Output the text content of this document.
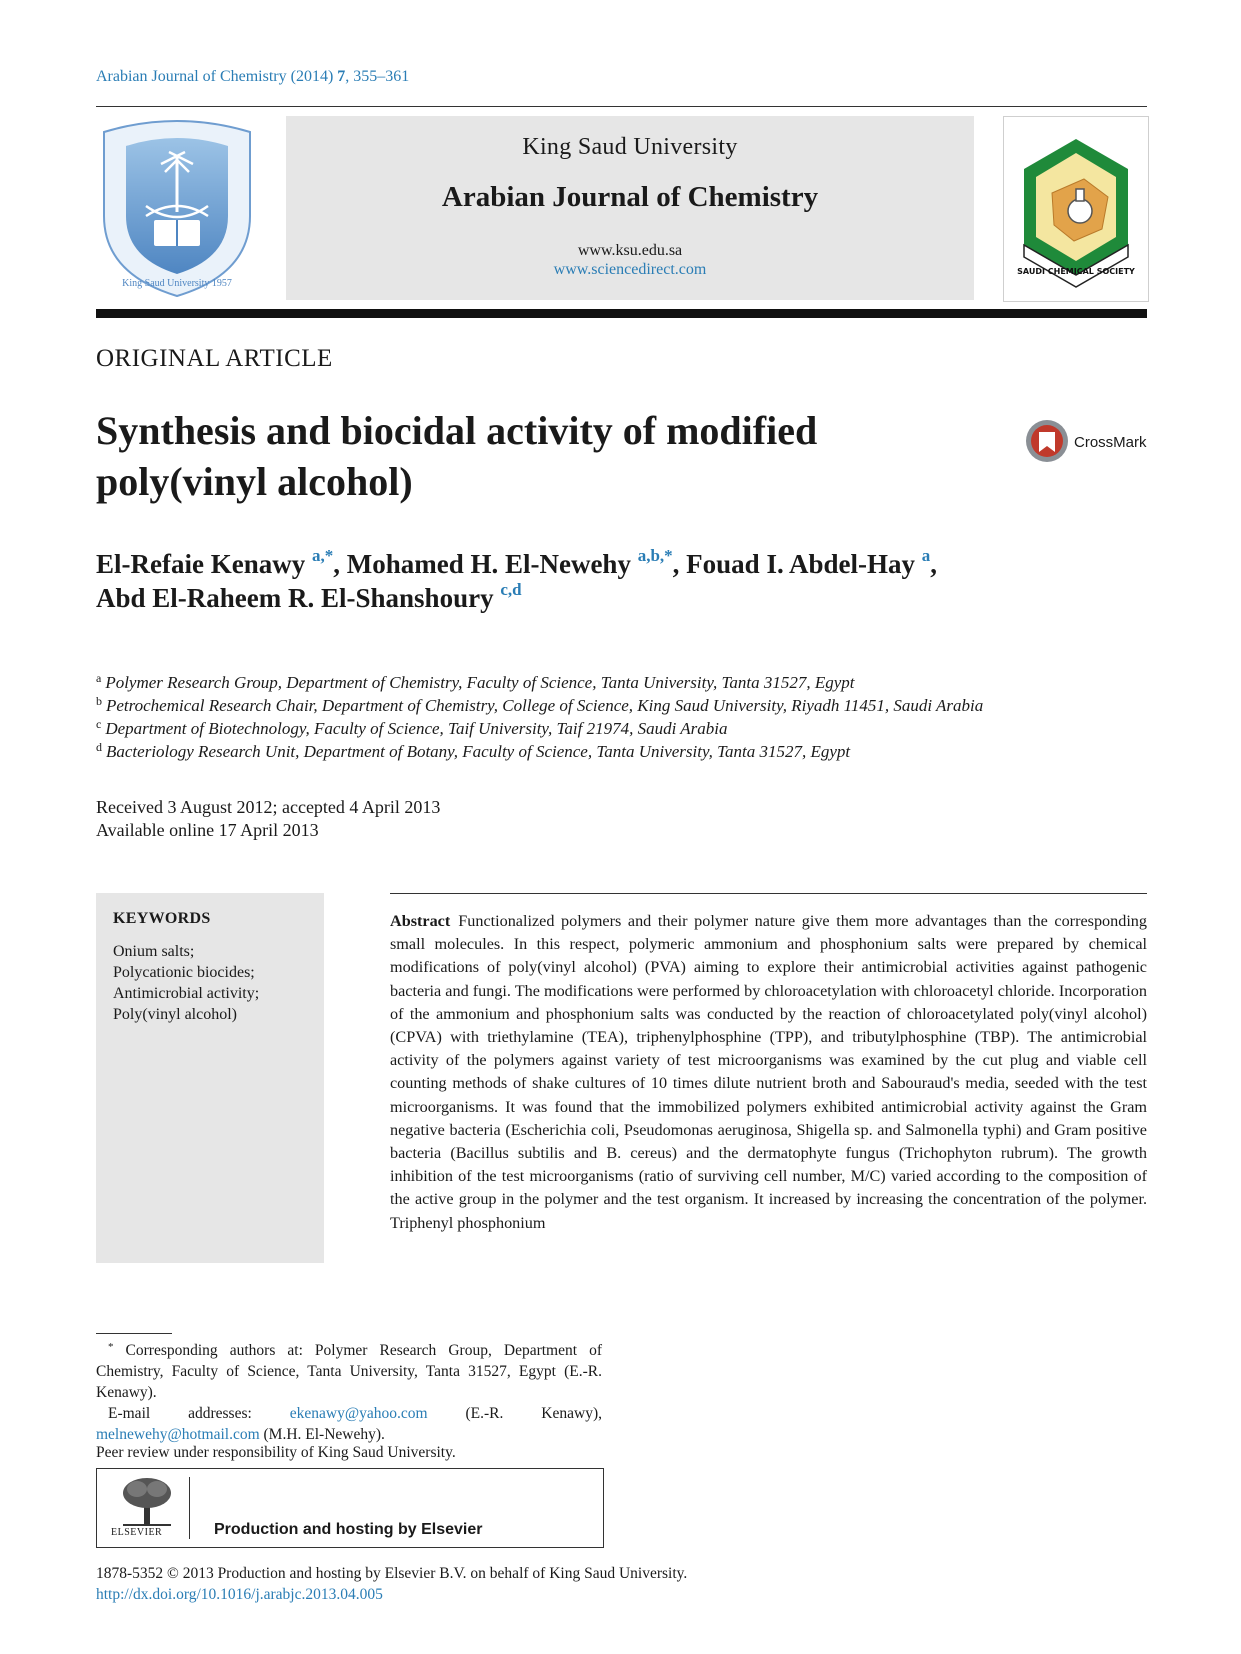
Arabian Journal of Chemistry (2014) 7, 355–361
King Saud University 1957
King Saud University
Arabian Journal of Chemistry
www.ksu.edu.sa
www.sciencedirect.com	SAUDI CHEMICAL SOCIETY
ORIGINAL ARTICLE
Synthesis and biocidal activity of modified poly(vinyl alcohol)
CrossMark
El-Refaie Kenawy $^{a,*}$, Mohamed H. El-Newehy $^{a,b,*}$, Fouad I. Abdel-Hay $^a$,
Abd El-Raheem R. El-Shanshoury $^{c,d}$
$^a$ Polymer Research Group, Department of Chemistry, Faculty of Science, Tanta University, Tanta 31527, Egypt
$^b$ Petrochemical Research Chair, Department of Chemistry, College of Science, King Saud University, Riyadh 11451, Saudi Arabia
$^c$ Department of Biotechnology, Faculty of Science, Taif University, Taif 21974, Saudi Arabia
$^d$ Bacteriology Research Unit, Department of Botany, Faculty of Science, Tanta University, Tanta 31527, Egypt
Received 3 August 2012; accepted 4 April 2013
Available online 17 April 2013
KEYWORDS
Onium salts;
Polycationic biocides;
Antimicrobial activity;
Poly(vinyl alcohol)
Abstract Functionalized polymers and their polymer nature give them more advantages than the corresponding small molecules. In this respect, polymeric ammonium and phosphonium salts were prepared by chemical modifications of poly(vinyl alcohol) (PVA) aiming to explore their antimicrobial activities against pathogenic bacteria and fungi. The modifications were performed by chloroacetylation with chloroacetyl chloride. Incorporation of the ammonium and phosphonium salts was conducted by the reaction of chloroacetylated poly(vinyl alcohol) (CPVA) with triethylamine (TEA), triphenylphosphine (TPP), and tributylphosphine (TBP). The antimicrobial activity of the polymers against variety of test microorganisms was examined by the cut plug and viable cell counting methods of shake cultures of 10 times dilute nutrient broth and Sabouraud's media, seeded with the test microorganisms. It was found that the immobilized polymers exhibited antimicrobial activity against the Gram negative bacteria (Escherichia coli, Pseudomonas aeruginosa, Shigella sp. and Salmonella typhi) and Gram positive bacteria (Bacillus subtilis and B. cereus) and the dermatophyte fungus (Trichophyton rubrum). The growth inhibition of the test microorganisms (ratio of surviving cell number, M/C) varied according to the composition of the active group in the polymer and the test organism. It increased by increasing the concentration of the polymer. Triphenyl phosphonium

* Corresponding authors at: Polymer Research Group, Department of Chemistry, Faculty of Science, Tanta University, Tanta 31527, Egypt (E.-R. Kenawy).

E-mail addresses: ekenawy@yahoo.com (E.-R. Kenawy), melnewehy@hotmail.com (M.H. El-Newehy).

Peer review under responsibility of King Saud University.
ELSEVIER	Production and hosting by Elsevier
1878-5352 © 2013 Production and hosting by Elsevier B.V. on behalf of King Saud University.
http://dx.doi.org/10.1016/j.arabjc.2013.04.005
